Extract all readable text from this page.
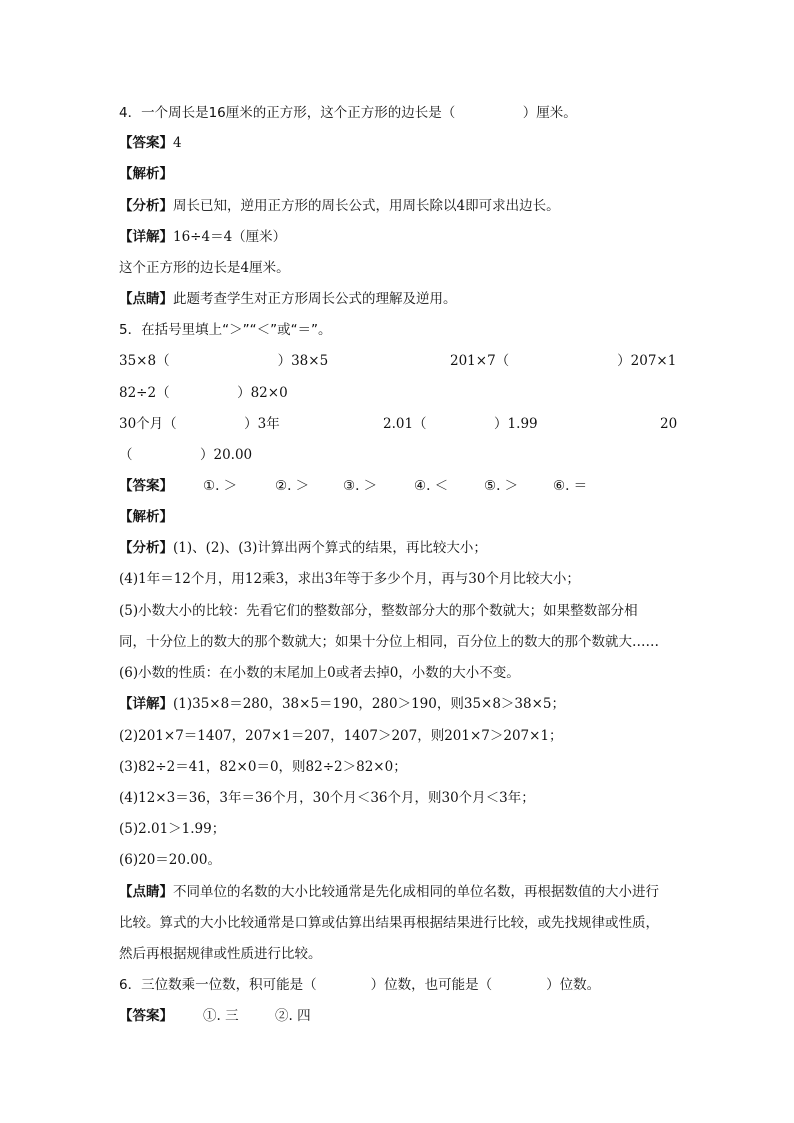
4．一个周长是16厘米的正方形，这个正方形的边长是（　　　　　）厘米。
【答案】4
【解析】
【分析】周长已知，逆用正方形的周长公式，用周长除以4即可求出边长。
【详解】16÷4＝4（厘米）
这个正方形的边长是4厘米。
【点睛】此题考查学生对正方形周长公式的理解及逆用。
5．在括号里填上“＞”“＜”或“＝”。
35×8（　　　　　　　　）38×5	201×7（　　　　　　　　）207×1
82÷2（　　　　　）82×0
30个月（　　　　　）3年	2.01（　　　　　）1.99	20
（　　　　　）20.00
【答案】 ①. ＞	②. ＞	③. ＞	④. ＜	⑤. ＞	⑥. ＝
【解析】
【分析】(1)、(2)、(3)计算出两个算式的结果，再比较大小；
(4)1年＝12个月，用12乘3，求出3年等于多少个月，再与30个月比较大小；
(5)小数大小的比较：先看它们的整数部分，整数部分大的那个数就大；如果整数部分相
同，十分位上的数大的那个数就大；如果十分位上相同，百分位上的数大的那个数就大……
(6)小数的性质：在小数的末尾加上0或者去掉0，小数的大小不变。
【详解】(1)35×8＝280，38×5＝190，280＞190，则35×8＞38×5；
(2)201×7＝1407，207×1＝207，1407＞207，则201×7＞207×1；
(3)82÷2＝41，82×0＝0，则82÷2＞82×0；
(4)12×3＝36，3年＝36个月，30个月＜36个月，则30个月＜3年；
(5)2.01＞1.99；
(6)20＝20.00。
【点睛】不同单位的名数的大小比较通常是先化成相同的单位名数，再根据数值的大小进行
比较。算式的大小比较通常是口算或估算出结果再根据结果进行比较，或先找规律或性质，
然后再根据规律或性质进行比较。
6．三位数乘一位数，积可能是（　　　　）位数，也可能是（　　　　）位数。
【答案】 ①. 三	②. 四
